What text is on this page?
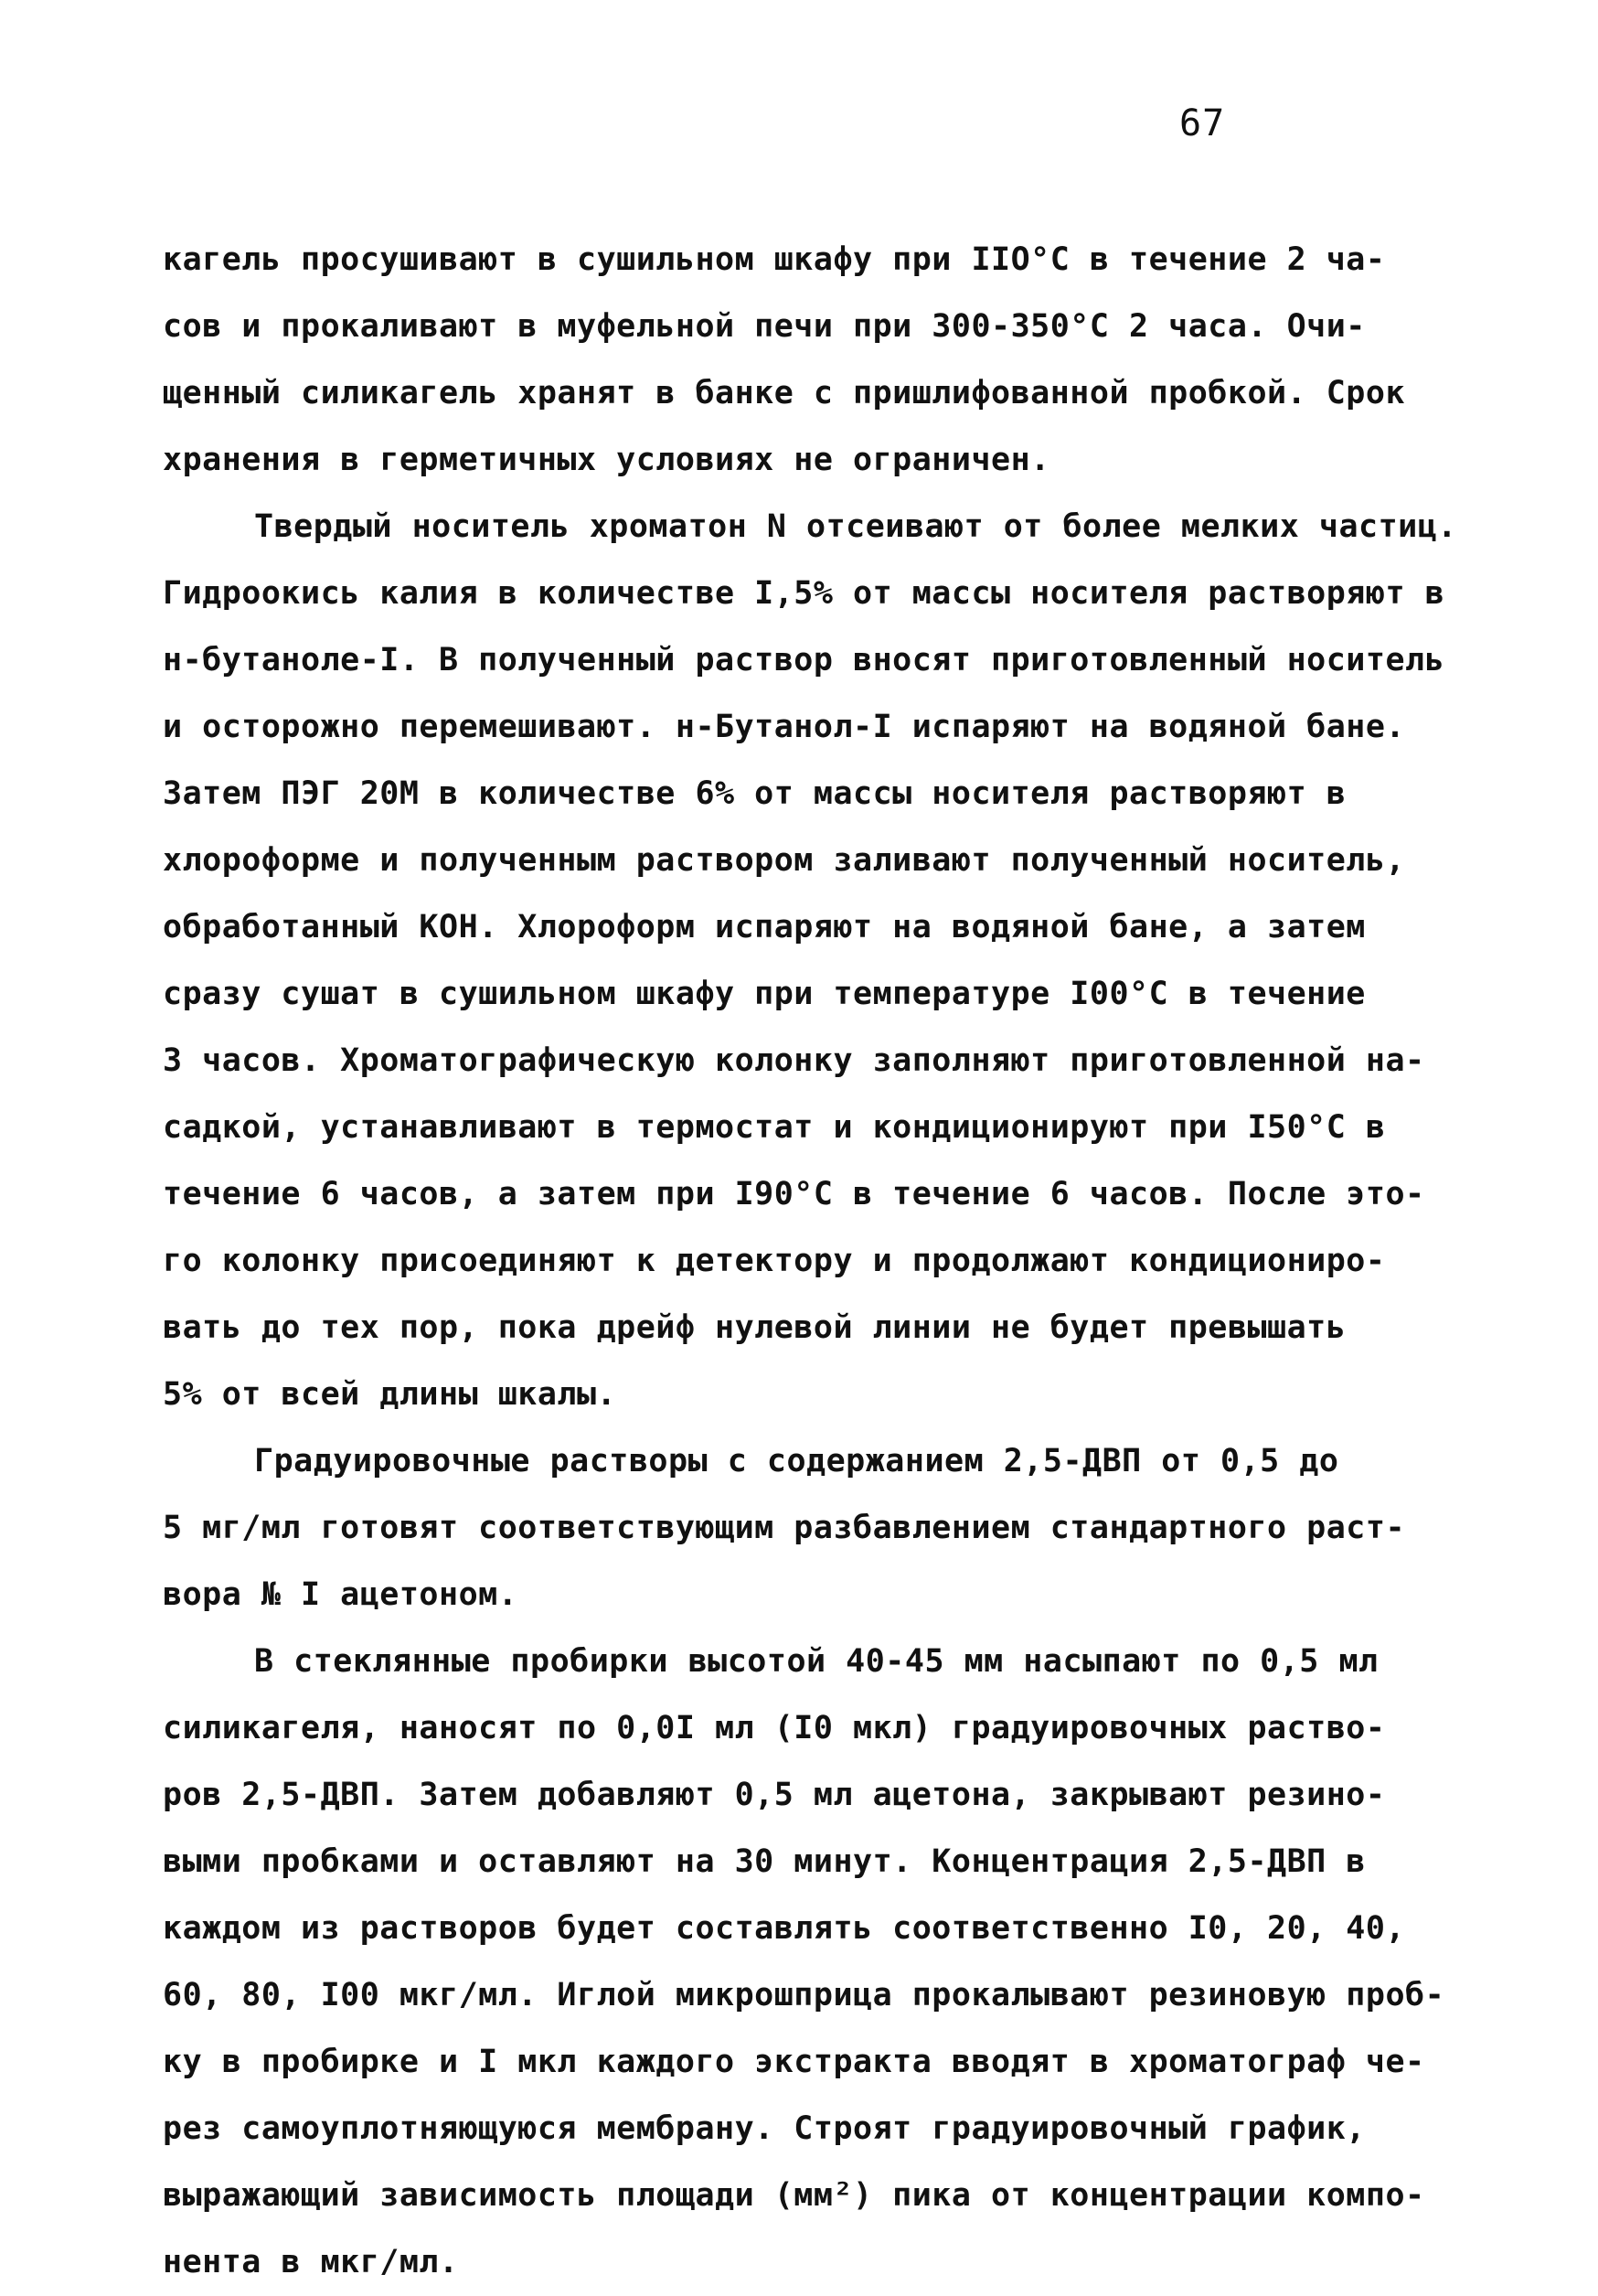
67
кагель просушивают в сушильном шкафу при IIO°C в течение 2 ча-
сов и прокаливают в муфельной печи при 300-350°C 2 часа. Очи-
щенный силикагель хранят в банке с пришлифованной пробкой. Срок
хранения в герметичных условиях не ограничен.
Твердый носитель хроматон N отсеивают от более мелких частиц.
Гидроокись калия в количестве I,5% от массы носителя растворяют в
н-бутаноле-I. В полученный раствор вносят приготовленный носитель
и осторожно перемешивают. н-Бутанол-I испаряют на водяной бане.
Затем ПЭГ 20М в количестве 6% от массы носителя растворяют в
хлороформе и полученным раствором заливают полученный носитель,
обработанный КОН. Хлороформ испаряют на водяной бане, а затем
сразу сушат в сушильном шкафу при температуре I00°C в течение
3 часов. Хроматографическую колонку заполняют приготовленной на-
садкой, устанавливают в термостат и кондиционируют при I50°C в
течение 6 часов, а затем при I90°C в течение 6 часов. После это-
го колонку присоединяют к детектору и продолжают кондициониро-
вать до тех пор, пока дрейф нулевой линии не будет превышать
5% от всей длины шкалы.
Градуировочные растворы с содержанием 2,5-ДВП от 0,5 до
5 мг/мл готовят соответствующим разбавлением стандартного раст-
вора № I ацетоном.
В стеклянные пробирки высотой 40-45 мм насыпают по 0,5 мл
силикагеля, наносят по 0,0I мл (I0 мкл) градуировочных раство-
ров 2,5-ДВП. Затем добавляют 0,5 мл ацетона, закрывают резино-
выми пробками и оставляют на 30 минут. Концентрация 2,5-ДВП в
каждом из растворов будет составлять соответственно I0, 20, 40,
60, 80, I00 мкг/мл. Иглой микрошприца прокалывают резиновую проб-
ку в пробирке и I мкл каждого экстракта вводят в хроматограф че-
рез самоуплотняющуюся мембрану. Строят градуировочный график,
выражающий зависимость площади (мм²) пика от концентрации компо-
нента в мкг/мл.
